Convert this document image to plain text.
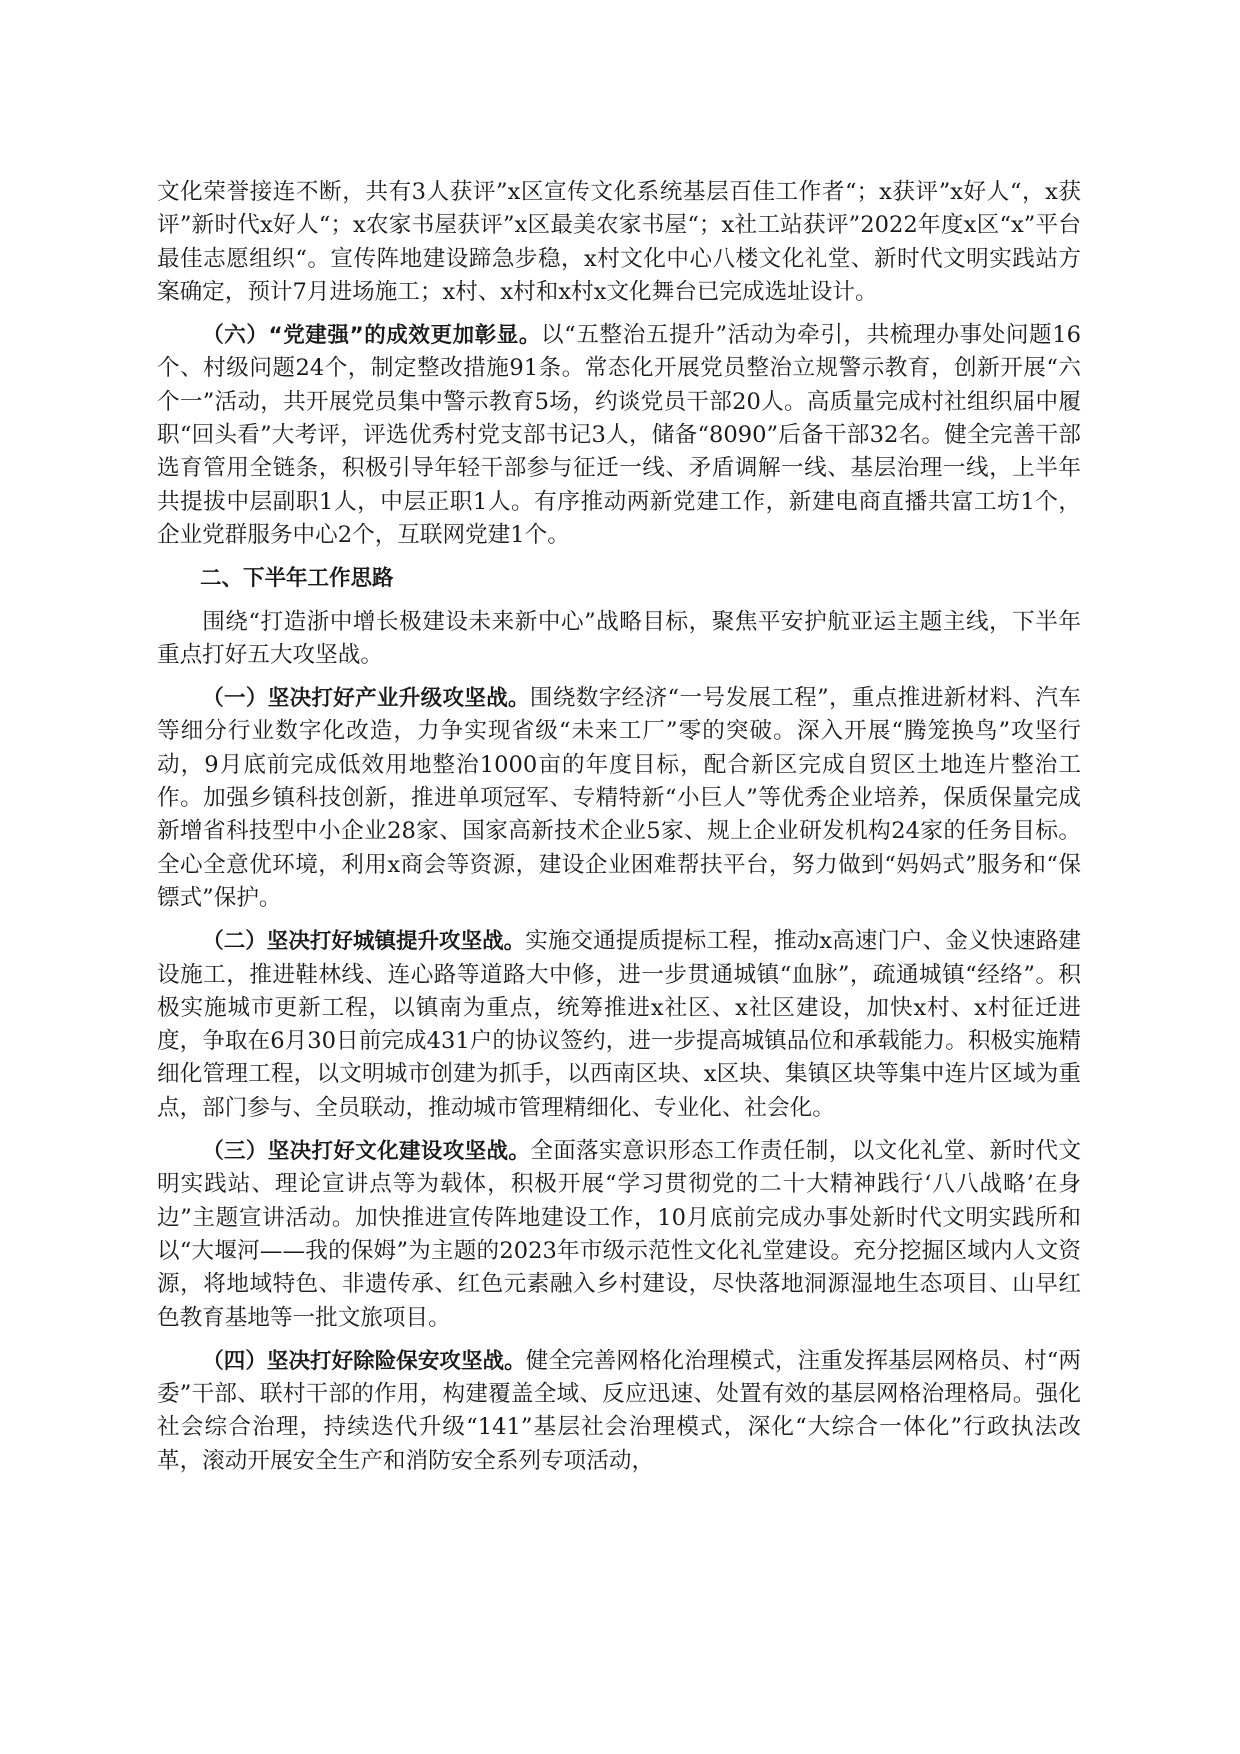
文化荣誉接连不断，共有3人获评”x区宣传文化系统基层百佳工作者“；x获评”x好人“，x获评”新时代x好人“；x农家书屋获评”x区最美农家书屋“；x社工站获评”2022年度x区“x”平台最佳志愿组织“。宣传阵地建设蹄急步稳，x村文化中心八楼文化礼堂、新时代文明实践站方案确定，预计7月进场施工；x村、x村和x村x文化舞台已完成选址设计。

（六）“党建强”的成效更加彰显。以“五整治五提升”活动为牵引，共梳理办事处问题16个、村级问题24个，制定整改措施91条。常态化开展党员整治立规警示教育，创新开展“六个一”活动，共开展党员集中警示教育5场，约谈党员干部20人。高质量完成村社组织届中履职“回头看”大考评，评选优秀村党支部书记3人，储备“8090”后备干部32名。健全完善干部选育管用全链条，积极引导年轻干部参与征迁一线、矛盾调解一线、基层治理一线，上半年共提拔中层副职1人，中层正职1人。有序推动两新党建工作，新建电商直播共富工坊1个，企业党群服务中心2个，互联网党建1个。

二、下半年工作思路

围绕“打造浙中增长极建设未来新中心”战略目标，聚焦平安护航亚运主题主线，下半年重点打好五大攻坚战。

（一）坚决打好产业升级攻坚战。围绕数字经济“一号发展工程”，重点推进新材料、汽车等细分行业数字化改造，力争实现省级“未来工厂”零的突破。深入开展“腾笼换鸟”攻坚行动，9月底前完成低效用地整治1000亩的年度目标，配合新区完成自贸区土地连片整治工作。加强乡镇科技创新，推进单项冠军、专精特新“小巨人”等优秀企业培养，保质保量完成新增省科技型中小企业28家、国家高新技术企业5家、规上企业研发机构24家的任务目标。全心全意优环境，利用x商会等资源，建设企业困难帮扶平台，努力做到“妈妈式”服务和“保镖式”保护。

（二）坚决打好城镇提升攻坚战。实施交通提质提标工程，推动x高速门户、金义快速路建设施工，推进鞋林线、连心路等道路大中修，进一步贯通城镇“血脉”，疏通城镇“经络”。积极实施城市更新工程，以镇南为重点，统筹推进x社区、x社区建设，加快x村、x村征迁进度，争取在6月30日前完成431户的协议签约，进一步提高城镇品位和承载能力。积极实施精细化管理工程，以文明城市创建为抓手，以西南区块、x区块、集镇区块等集中连片区域为重点，部门参与、全员联动，推动城市管理精细化、专业化、社会化。

（三）坚决打好文化建设攻坚战。全面落实意识形态工作责任制，以文化礼堂、新时代文明实践站、理论宣讲点等为载体，积极开展“学习贯彻党的二十大精神践行‘八八战略’在身边”主题宣讲活动。加快推进宣传阵地建设工作，10月底前完成办事处新时代文明实践所和以“大堰河——我的保姆”为主题的2023年市级示范性文化礼堂建设。充分挖掘区域内人文资源，将地域特色、非遗传承、红色元素融入乡村建设，尽快落地洞源湿地生态项目、山早红色教育基地等一批文旅项目。

（四）坚决打好除险保安攻坚战。健全完善网格化治理模式，注重发挥基层网格员、村“两委”干部、联村干部的作用，构建覆盖全域、反应迅速、处置有效的基层网格治理格局。强化社会综合治理，持续迭代升级“141”基层社会治理模式，深化“大综合一体化”行政执法改革，滚动开展安全生产和消防安全系列专项活动，
